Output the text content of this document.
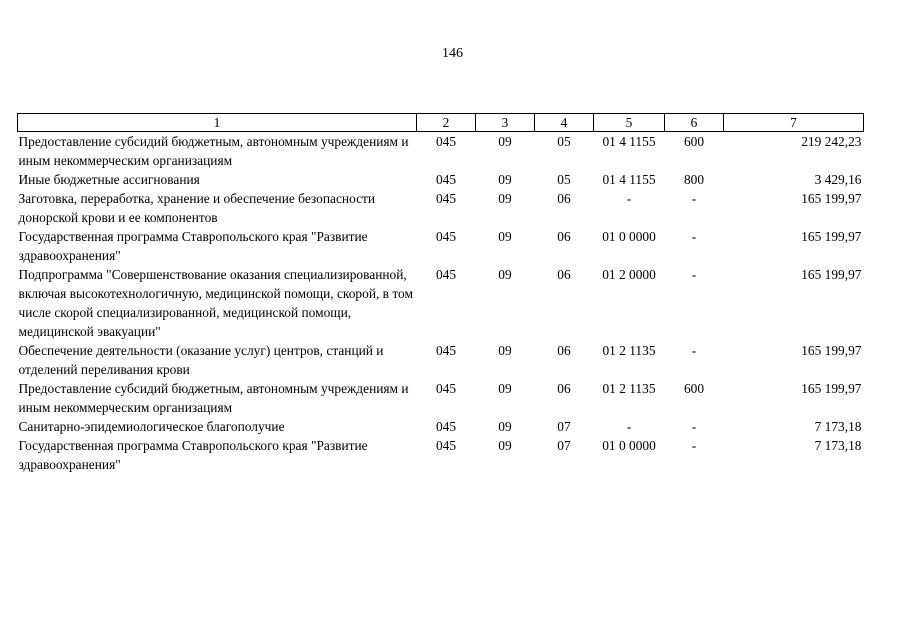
146
1	2	3	4	5	6	7
Предоставление субсидий бюджетным, автономным учреждениям и иным некоммерческим организациям	045	09	05	01 4 1155	600	219 242,23
Иные бюджетные ассигнования	045	09	05	01 4 1155	800	3 429,16
Заготовка, переработка, хранение и обеспечение безопасности донорской крови и ее компонентов	045	09	06	-	-	165 199,97
Государственная программа Ставропольского края "Развитие здравоохранения"	045	09	06	01 0 0000	-	165 199,97
Подпрограмма "Совершенствование оказания специализированной, включая высокотехнологичную, медицинской помощи, скорой, в том числе скорой специализированной, медицинской помощи, медицинской эвакуации"	045	09	06	01 2 0000	-	165 199,97
Обеспечение деятельности (оказание услуг) центров, станций и отделений переливания крови	045	09	06	01 2 1135	-	165 199,97
Предоставление субсидий бюджетным, автономным учреждениям и иным некоммерческим организациям	045	09	06	01 2 1135	600	165 199,97
Санитарно-эпидемиологическое благополучие	045	09	07	-	-	7 173,18
Государственная программа Ставропольского края "Развитие здравоохранения"	045	09	07	01 0 0000	-	7 173,18
